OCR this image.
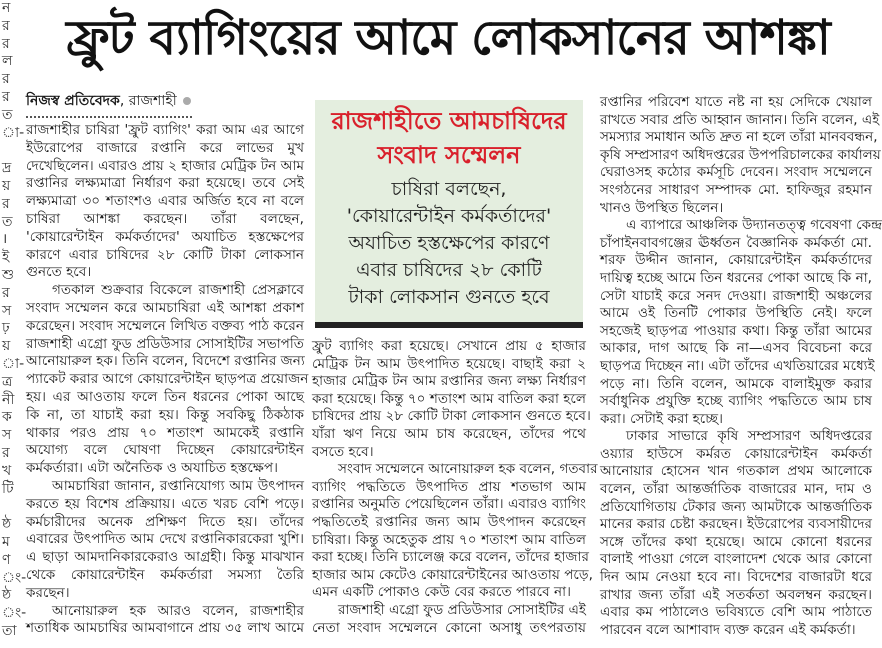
ন
র
র
ল
র
র
ত
া-
দ্র
য়
র
ত
।
ই
শু
র
স
ঢ়
য়
া-
ত্র
নী
ক
স
র
খ
টি
ষ্ঠ
ম
ণ
ং-
ষ্ঠ
ং-
তা
ফ্রুট ব্যাগিংয়ের আমে লোকসানের আশঙ্কা
নিজস্ব প্রতিবেদক, রাজশাহী
রাজশাহীতে আমচাষিদের
সংবাদ সম্মেলন
চাষিরা বলছেন,
'কোয়ারেন্টাইন কর্মকর্তাদের'
অযাচিত হস্তক্ষেপের কারণে
এবার চাষিদের ২৮ কোটি
টাকা লোকসান গুনতে হবে
রাজশাহীর চাষিরা 'ফ্রুট ব্যাগিং' করা আম এর আগে
ইউরোপের বাজারে রপ্তানি করে লাভের মুখ
দেখেছিলেন। এবারও প্রায় ২ হাজার মেট্রিক টন আম
রপ্তানির লক্ষ্যমাত্রা নির্ধারণ করা হয়েছে। তবে সেই
লক্ষ্যমাত্রা ৩০ শতাংশও এবার অর্জিত হবে না বলে
চাষিরা আশঙ্কা করছেন। তাঁরা বলছেন,
'কোয়ারেন্টাইন কর্মকর্তাদের' অযাচিত হস্তক্ষেপের
কারণে এবার চাষিদের ২৮ কোটি টাকা লোকসান
গুনতে হবে।
গতকাল শুক্রবার বিকেলে রাজশাহী প্রেসক্লাবে
সংবাদ সম্মেলন করে আমচাষিরা এই আশঙ্কা প্রকাশ
করেছেন। সংবাদ সম্মেলনে লিখিত বক্তব্য পাঠ করেন
রাজশাহী এগ্রো ফুড প্রডিউসার সোসাইটির সভাপতি
আনোয়ারুল হক। তিনি বলেন, বিদেশে রপ্তানির জন্য
প্যাকেট করার আগে কোয়ারেন্টাইন ছাড়পত্র প্রয়োজন
হয়। এর আওতায় ফলে তিন ধরনের পোকা আছে
কি না, তা যাচাই করা হয়। কিন্তু সবকিছু ঠিকঠাক
থাকার পরও প্রায় ৭০ শতাংশ আমকেই রপ্তানি
অযোগ্য বলে ঘোষণা দিচ্ছেন কোয়ারেন্টাইন
কর্মকর্তারা। এটা অনৈতিক ও অযাচিত হস্তক্ষেপ।
আমচাষিরা জানান, রপ্তানিযোগ্য আম উৎপাদন
করতে হয় বিশেষ প্রক্রিয়ায়। এতে খরচ বেশি পড়ে।
কর্মচারীদের অনেক প্রশিক্ষণ দিতে হয়। তাঁদের
এবারের উৎপাদিত আম দেখে রপ্তানিকারকেরা খুশি।
এ ছাড়া আমদানিকারকেরাও আগ্রহী। কিন্তু মাঝখান
থেকে কোয়ারেন্টাইন কর্মকর্তারা সমস্যা তৈরি
করছেন।
আনোয়ারুল হক আরও বলেন, রাজশাহীর
শতাধিক আমচাষির আমবাগানে প্রায় ৩৫ লাখ আমে
ফ্রুট ব্যাগিং করা হয়েছে। সেখানে প্রায় ৫ হাজার
মেট্রিক টন আম উৎপাদিত হয়েছে। বাছাই করা ২
হাজার মেট্রিক টন আম রপ্তানির জন্য লক্ষ্য নির্ধারণ
করা হয়েছে। কিন্তু ৭০ শতাংশ আম বাতিল করা হলে
চাষিদের প্রায় ২৮ কোটি টাকা লোকসান গুনতে হবে।
যাঁরা ঋণ নিয়ে আম চাষ করেছেন, তাঁদের পথে
বসতে হবে।
সংবাদ সম্মেলনে আনোয়ারুল হক বলেন, গতবার
ব্যাগিং পদ্ধতিতে উৎপাদিত প্রায় শতভাগ আম
রপ্তানির অনুমতি পেয়েছিলেন তাঁরা। এবারও ব্যাগিং
পদ্ধতিতেই রপ্তানির জন্য আম উৎপাদন করেছেন
চাষিরা। কিন্তু অহেতুক প্রায় ৭০ শতাংশ আম বাতিল
করা হচ্ছে। তিনি চ্যালেঞ্জ করে বলেন, তাঁদের হাজার
হাজার আম কেটেও কোয়ারেন্টাইনের আওতায় পড়ে,
এমন একটি পোকাও কেউ বের করতে পারবে না।
রাজশাহী এগ্রো ফুড প্রডিউসার সোসাইটির এই
নেতা সংবাদ সম্মেলনে কোনো অসাধু তৎপরতায়
রপ্তানির পরিবেশ যাতে নষ্ট না হয় সেদিকে খেয়াল
রাখতে সবার প্রতি আহ্বান জানান। তিনি বলেন, এই
সমস্যার সমাধান অতি দ্রুত না হলে তাঁরা মানববন্ধন,
কৃষি সম্প্রসারণ অধিদপ্তরের উপপরিচালকের কার্যালয়
ঘেরাওসহ কঠোর কর্মসূচি দেবেন। সংবাদ সম্মেলনে
সংগঠনের সাধারণ সম্পাদক মো. হাফিজুর রহমান
খানও উপস্থিত ছিলেন।
এ ব্যাপারে আঞ্চলিক উদ্যানতত্ত্ব গবেষণা কেন্দ্র
চাঁপাইনবাবগঞ্জের ঊর্ধ্বতন বৈজ্ঞানিক কর্মকর্তা মো.
শরফ উদ্দীন জানান, কোয়ারেন্টাইন কর্মকর্তাদের
দায়িত্ব হচ্ছে আমে তিন ধরনের পোকা আছে কি না,
সেটা যাচাই করে সনদ দেওয়া। রাজশাহী অঞ্চলের
আমে ওই তিনটি পোকার উপস্থিতি নেই। ফলে
সহজেই ছাড়পত্র পাওয়ার কথা। কিন্তু তাঁরা আমের
আকার, দাগ আছে কি না—এসব বিবেচনা করে
ছাড়পত্র দিচ্ছেন না। এটা তাঁদের এখতিয়ারের মধ্যেই
পড়ে না। তিনি বলেন, আমকে বালাইমুক্ত করার
সর্বাধুনিক প্রযুক্তি হচ্ছে ব্যাগিং পদ্ধতিতে আম চাষ
করা। সেটাই করা হচ্ছে।
ঢাকার সাভারে কৃষি সম্প্রসারণ অধিদপ্তরের
ওয়্যার হাউসে কর্মরত কোয়ারেন্টাইন কর্মকর্তা
আনোয়ার হোসেন খান গতকাল প্রথম আলোকে
বলেন, তাঁরা আন্তর্জাতিক বাজারের মান, দাম ও
প্রতিযোগিতায় টেকার জন্য আমটাকে আন্তর্জাতিক
মানের করার চেষ্টা করছেন। ইউরোপের ব্যবসায়ীদের
সঙ্গে তাঁদের কথা হয়েছে। আমে কোনো ধরনের
বালাই পাওয়া গেলে বাংলাদেশ থেকে আর কোনো
দিন আম নেওয়া হবে না। বিদেশের বাজারটা ধরে
রাখার জন্য তাঁরা এই সতর্কতা অবলম্বন করছেন।
এবার কম পাঠালেও ভবিষ্যতে বেশি আম পাঠাতে
পারবেন বলে আশাবাদ ব্যক্ত করেন এই কর্মকর্তা।
